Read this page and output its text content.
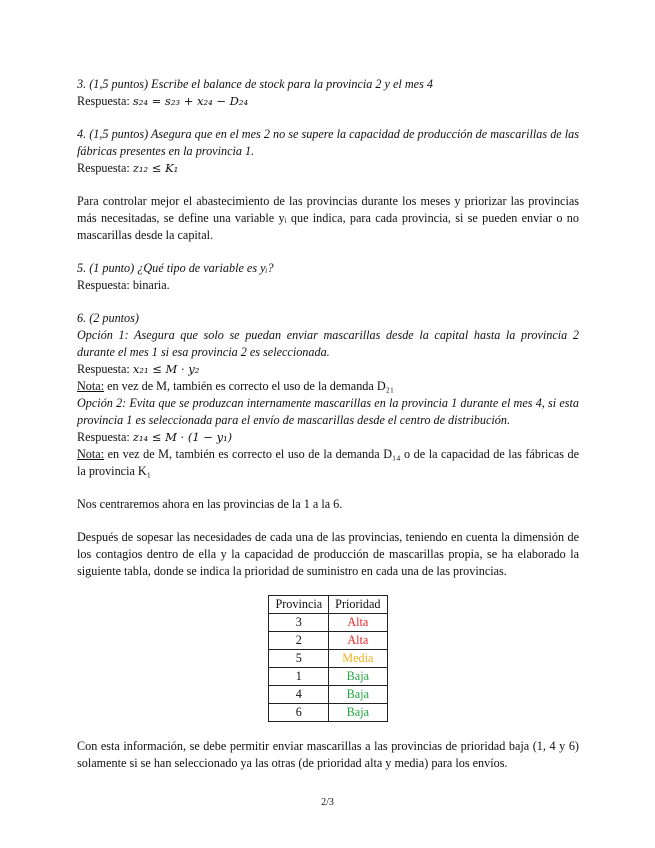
3. (1,5 puntos) Escribe el balance de stock para la provincia 2 y el mes 4

Respuesta: s₂₄ = s₂₃ + x₂₄ − D₂₄

4. (1,5 puntos) Asegura que en el mes 2 no se supere la capacidad de producción de mascarillas de las fábricas presentes en la provincia 1.

Respuesta: z₁₂ ≤ K₁

Para controlar mejor el abastecimiento de las provincias durante los meses y priorizar las provincias más necesitadas, se define una variable yᵢ que indica, para cada provincia, si se pueden enviar o no mascarillas desde la capital.

5. (1 punto) ¿Qué tipo de variable es yᵢ?

Respuesta: binaria.

6. (2 puntos)

Opción 1: Asegura que solo se puedan enviar mascarillas desde la capital hasta la provincia 2 durante el mes 1 si esa provincia 2 es seleccionada.

Respuesta: x₂₁ ≤ M · y₂

Nota: en vez de M, también es correcto el uso de la demanda D₂₁

Opción 2: Evita que se produzcan internamente mascarillas en la provincia 1 durante el mes 4, si esta provincia 1 es seleccionada para el envío de mascarillas desde el centro de distribución.

Respuesta: z₁₄ ≤ M · (1 − y₁)

Nota: en vez de M, también es correcto el uso de la demanda D₁₄ o de la capacidad de las fábricas de la provincia K₁

Nos centraremos ahora en las provincias de la 1 a la 6.

Después de sopesar las necesidades de cada una de las provincias, teniendo en cuenta la dimensión de los contagios dentro de ella y la capacidad de producción de mascarillas propia, se ha elaborado la siguiente tabla, donde se indica la prioridad de suministro en cada una de las provincias.

Provincia	Prioridad
3	Alta
2	Alta
5	Media
1	Baja
4	Baja
6	Baja

Con esta información, se debe permitir enviar mascarillas a las provincias de prioridad baja (1, 4 y 6) solamente si se han seleccionado ya las otras (de prioridad alta y media) para los envíos.

2/3
